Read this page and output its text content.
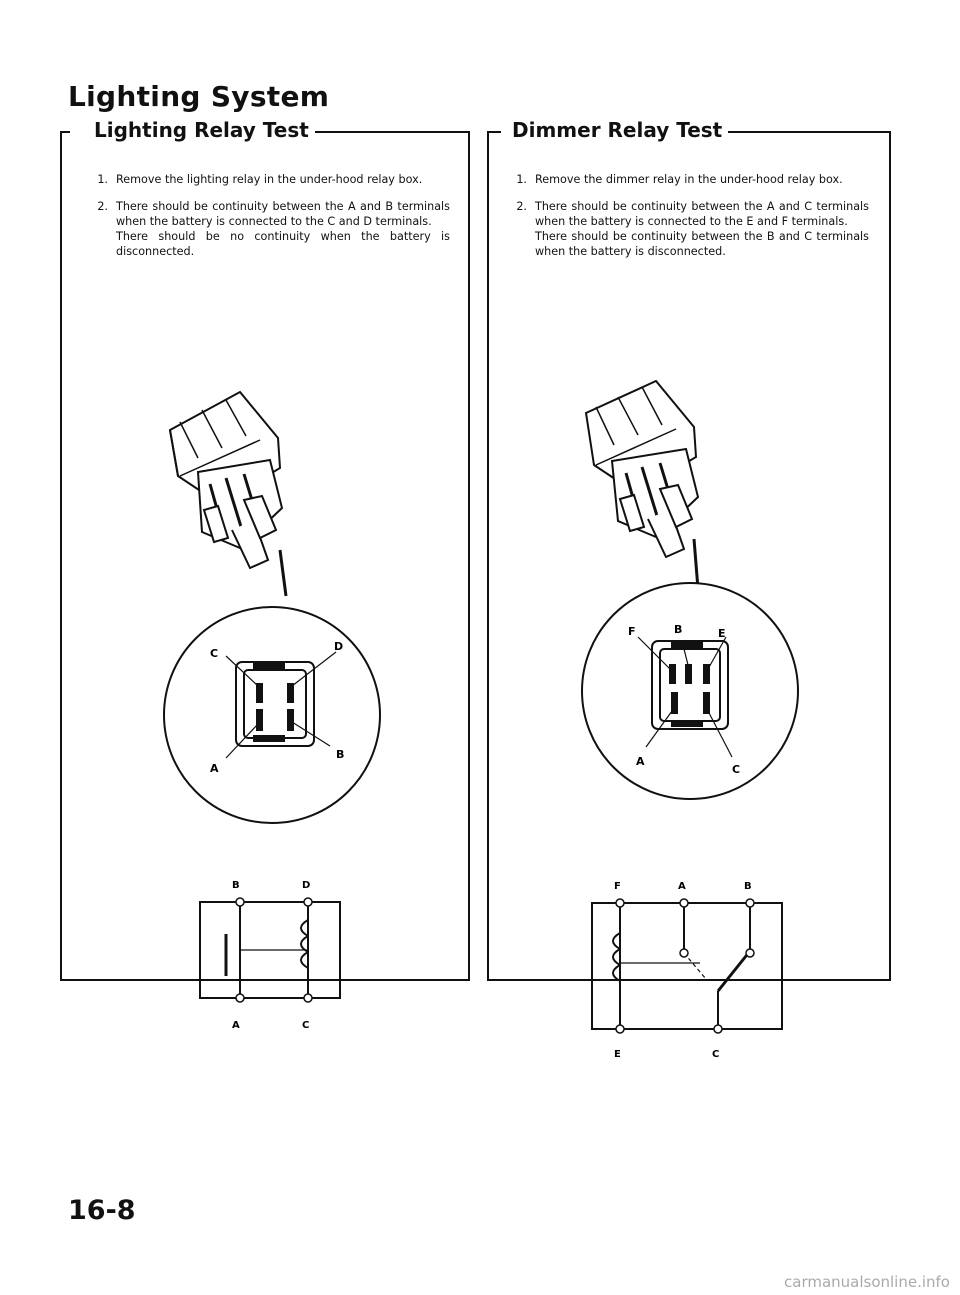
Lighting System
Lighting Relay Test
1. Remove the lighting relay in the under-hood relay box.

2. There should be continuity between the A and B terminals when the battery is connected to the C and D terminals.

There should be no continuity when the battery is disconnected.

C
D
A
B
B	D
A	C
Dimmer Relay Test
1. Remove the dimmer relay in the under-hood relay box.

2. There should be continuity between the A and C terminals when the battery is connected to the E and F terminals.

There should be continuity between the B and C terminals when the battery is disconnected.

F	B	E
A
C
F	A	B
E	C
16-8
carmanualsonline.info
